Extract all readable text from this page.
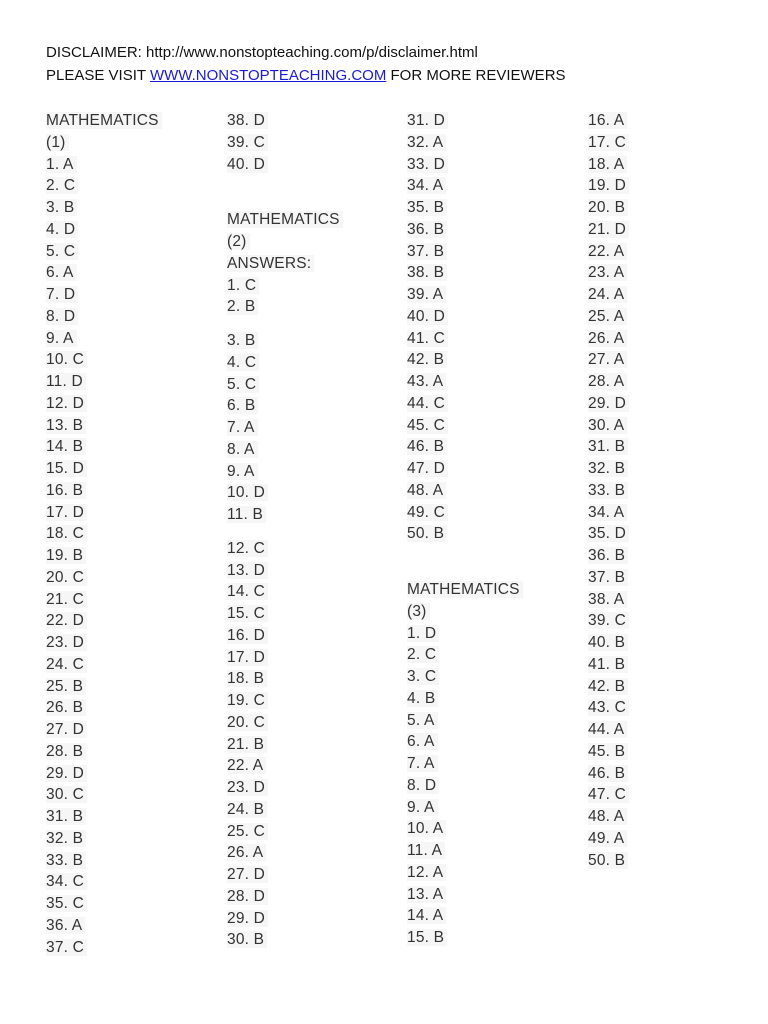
DISCLAIMER: http://www.nonstopteaching.com/p/disclaimer.html
PLEASE VISIT WWW.NONSTOPTEACHING.COM FOR MORE REVIEWERS
MATHEMATICS
(1)
1. A
2. C
3. B
4. D
5. C
6. A
7. D
8. D
9. A
10. C
11. D
12. D
13. B
14. B
15. D
16. B
17. D
18. C
19. B
20. C
21. C
22. D
23. D
24. C
25. B
26. B
27. D
28. B
29. D
30. C
31. B
32. B
33. B
34. C
35. C
36. A
37. C
38. D
39. C
40. D
MATHEMATICS
(2)
ANSWERS:
1. C
2. B
3. B
4. C
5. C
6. B
7. A
8. A
9. A
10. D
11. B
12. C
13. D
14. C
15. C
16. D
17. D
18. B
19. C
20. C
21. B
22. A
23. D
24. B
25. C
26. A
27. D
28. D
29. D
30. B
31. D
32. A
33. D
34. A
35. B
36. B
37. B
38. B
39. A
40. D
41. C
42. B
43. A
44. C
45. C
46. B
47. D
48. A
49. C
50. B
MATHEMATICS
(3)
1. D
2. C
3. C
4. B
5. A
6. A
7. A
8. D
9. A
10. A
11. A
12. A
13. A
14. A
15. B
16. A
17. C
18. A
19. D
20. B
21. D
22. A
23. A
24. A
25. A
26. A
27. A
28. A
29. D
30. A
31. B
32. B
33. B
34. A
35. D
36. B
37. B
38. A
39. C
40. B
41. B
42. B
43. C
44. A
45. B
46. B
47. C
48. A
49. A
50. B
